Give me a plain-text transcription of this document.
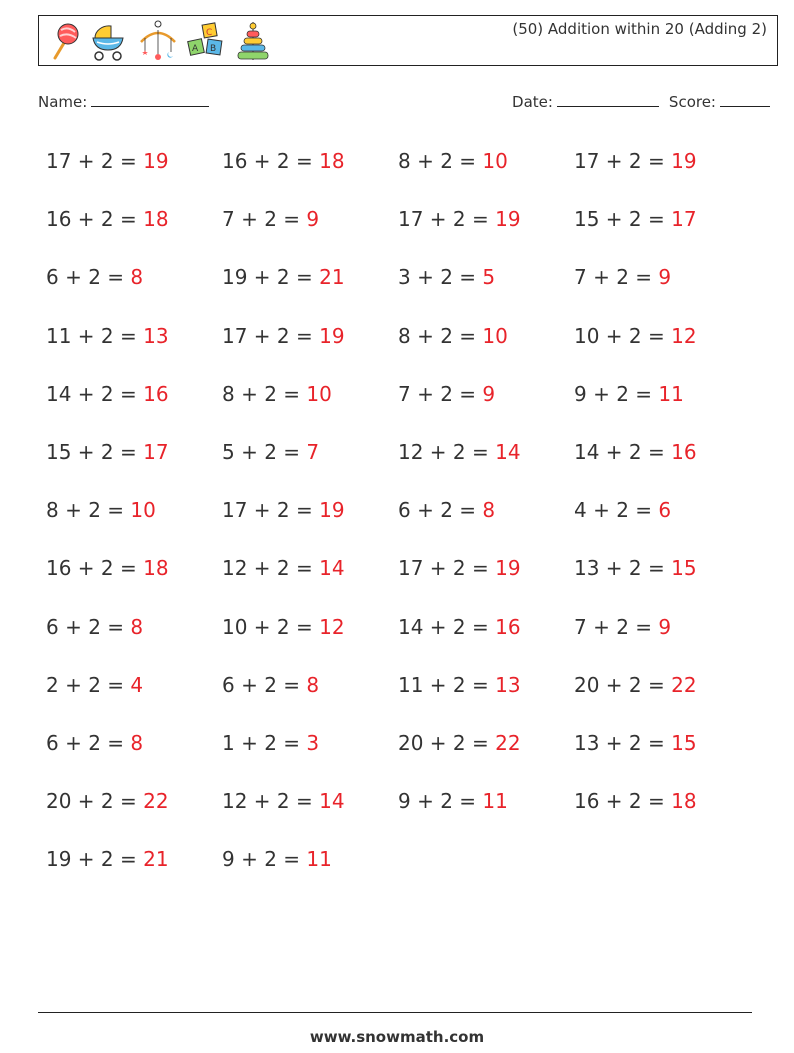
C
A B
(50) Addition within 20 (Adding 2)
Name:	Date:	Score:
17 + 2 = 19	16 + 2 = 18	8 + 2 = 10	17 + 2 = 19
16 + 2 = 18	7 + 2 = 9	17 + 2 = 19	15 + 2 = 17
6 + 2 = 8	19 + 2 = 21	3 + 2 = 5	7 + 2 = 9
11 + 2 = 13	17 + 2 = 19	8 + 2 = 10	10 + 2 = 12
14 + 2 = 16	8 + 2 = 10	7 + 2 = 9	9 + 2 = 11
15 + 2 = 17	5 + 2 = 7	12 + 2 = 14	14 + 2 = 16
8 + 2 = 10	17 + 2 = 19	6 + 2 = 8	4 + 2 = 6
16 + 2 = 18	12 + 2 = 14	17 + 2 = 19	13 + 2 = 15
6 + 2 = 8	10 + 2 = 12	14 + 2 = 16	7 + 2 = 9
2 + 2 = 4	6 + 2 = 8	11 + 2 = 13	20 + 2 = 22
6 + 2 = 8	1 + 2 = 3	20 + 2 = 22	13 + 2 = 15
20 + 2 = 22	12 + 2 = 14	9 + 2 = 11	16 + 2 = 18
19 + 2 = 21	9 + 2 = 11
www.snowmath.com
